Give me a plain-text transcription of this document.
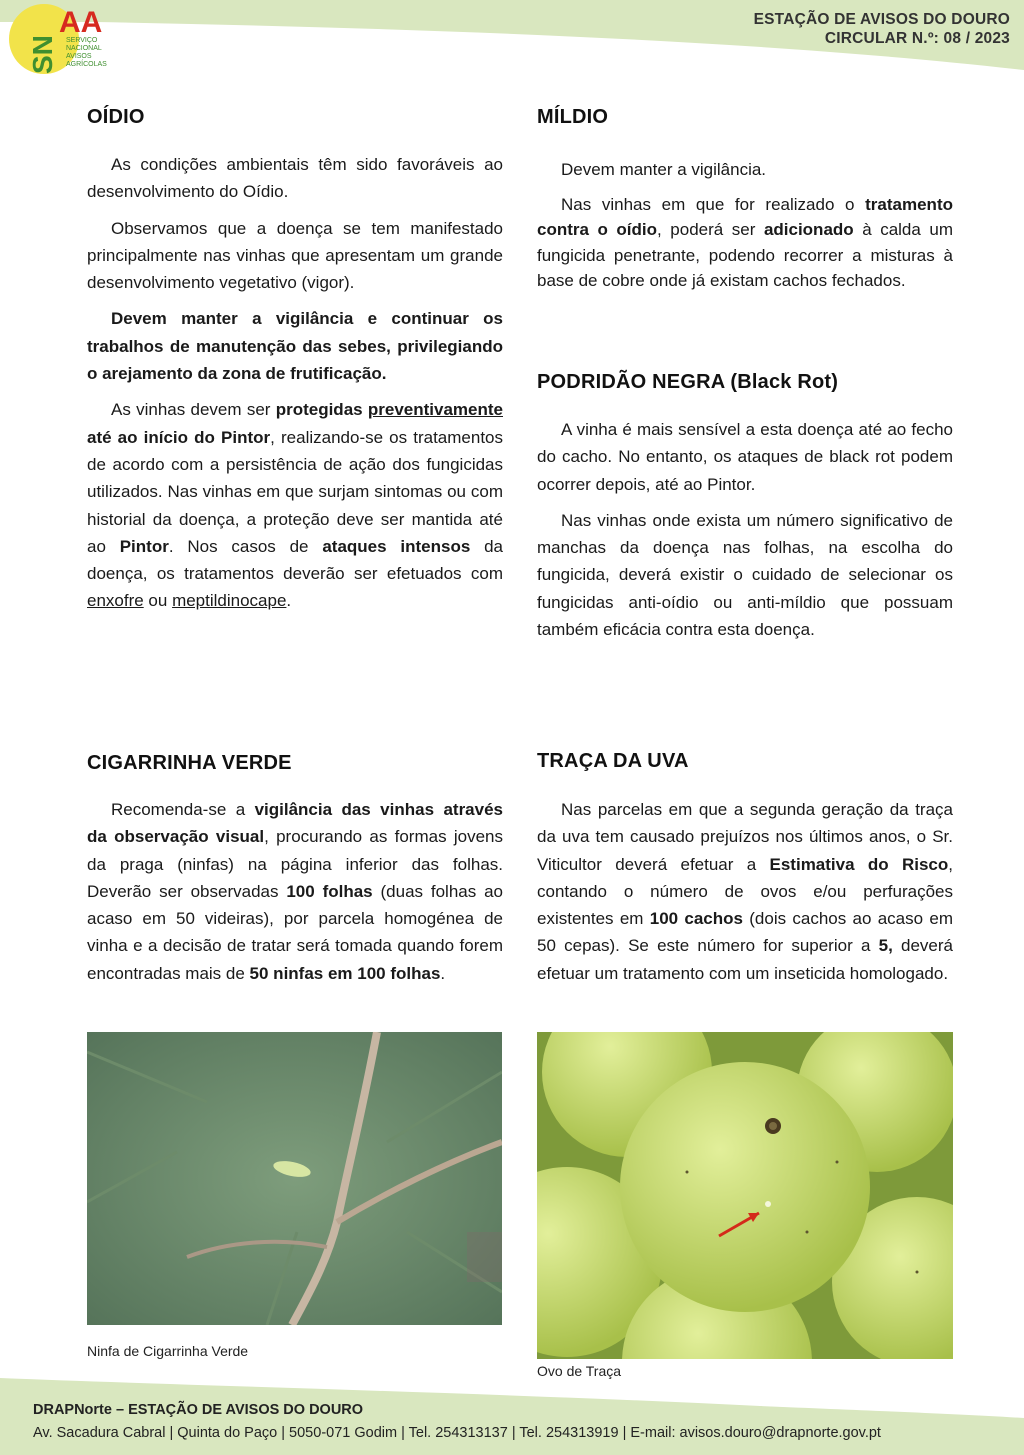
AA
SN SERVIÇO
NACIONAL
AVISOS
AGRÍCOLAS
ESTAÇÃO DE AVISOS DO DOURO
CIRCULAR N.º: 08 / 2023
OÍDIO

As condições ambientais têm sido favoráveis ao desenvolvimento do Oídio.

Observamos que a doença se tem manifestado principalmente nas vinhas que apresentam um grande desenvolvimento vegetativo (vigor).

Devem manter a vigilância e continuar os trabalhos de manutenção das sebes, privilegiando o arejamento da zona de frutificação.

As vinhas devem ser protegidas preventivamente até ao início do Pintor, realizando-se os tratamentos de acordo com a persistência de ação dos fungicidas utilizados. Nas vinhas em que surjam sintomas ou com historial da doença, a proteção deve ser mantida até ao Pintor. Nos casos de ataques intensos da doença, os tratamentos deverão ser efetuados com enxofre ou meptildinocape.

MÍLDIO

Devem manter a vigilância.

Nas vinhas em que for realizado o tratamento contra o oídio, poderá ser adicionado à calda um fungicida penetrante, podendo recorrer a misturas à base de cobre onde já existam cachos fechados.

PODRIDÃO NEGRA (Black Rot)

A vinha é mais sensível a esta doença até ao fecho do cacho. No entanto, os ataques de black rot podem ocorrer depois, até ao Pintor.

Nas vinhas onde exista um número significativo de manchas da doença nas folhas, na escolha do fungicida, deverá existir o cuidado de selecionar os fungicidas anti-oídio ou anti-míldio que possuam também eficácia contra esta doença.

CIGARRINHA VERDE

Recomenda-se a vigilância das vinhas através da observação visual, procurando as formas jovens da praga (ninfas) na página inferior das folhas. Deverão ser observadas 100 folhas (duas folhas ao acaso em 50 videiras), por parcela homogénea de vinha e a decisão de tratar será tomada quando forem encontradas mais de 50 ninfas em 100 folhas.

TRAÇA DA UVA

Nas parcelas em que a segunda geração da traça da uva tem causado prejuízos nos últimos anos, o Sr. Viticultor deverá efetuar a Estimativa do Risco, contando o número de ovos e/ou perfurações existentes em 100 cachos (dois cachos ao acaso em 50 cepas). Se este número for superior a 5, deverá efetuar um tratamento com um inseticida homologado.

Ninfa de Cigarrinha Verde
Ovo de Traça
DRAPNorte – ESTAÇÃO DE AVISOS DO DOURO
Av. Sacadura Cabral | Quinta do Paço | 5050-071 Godim | Tel. 254313137 | Tel. 254313919 | E-mail: avisos.douro@drapnorte.gov.pt
